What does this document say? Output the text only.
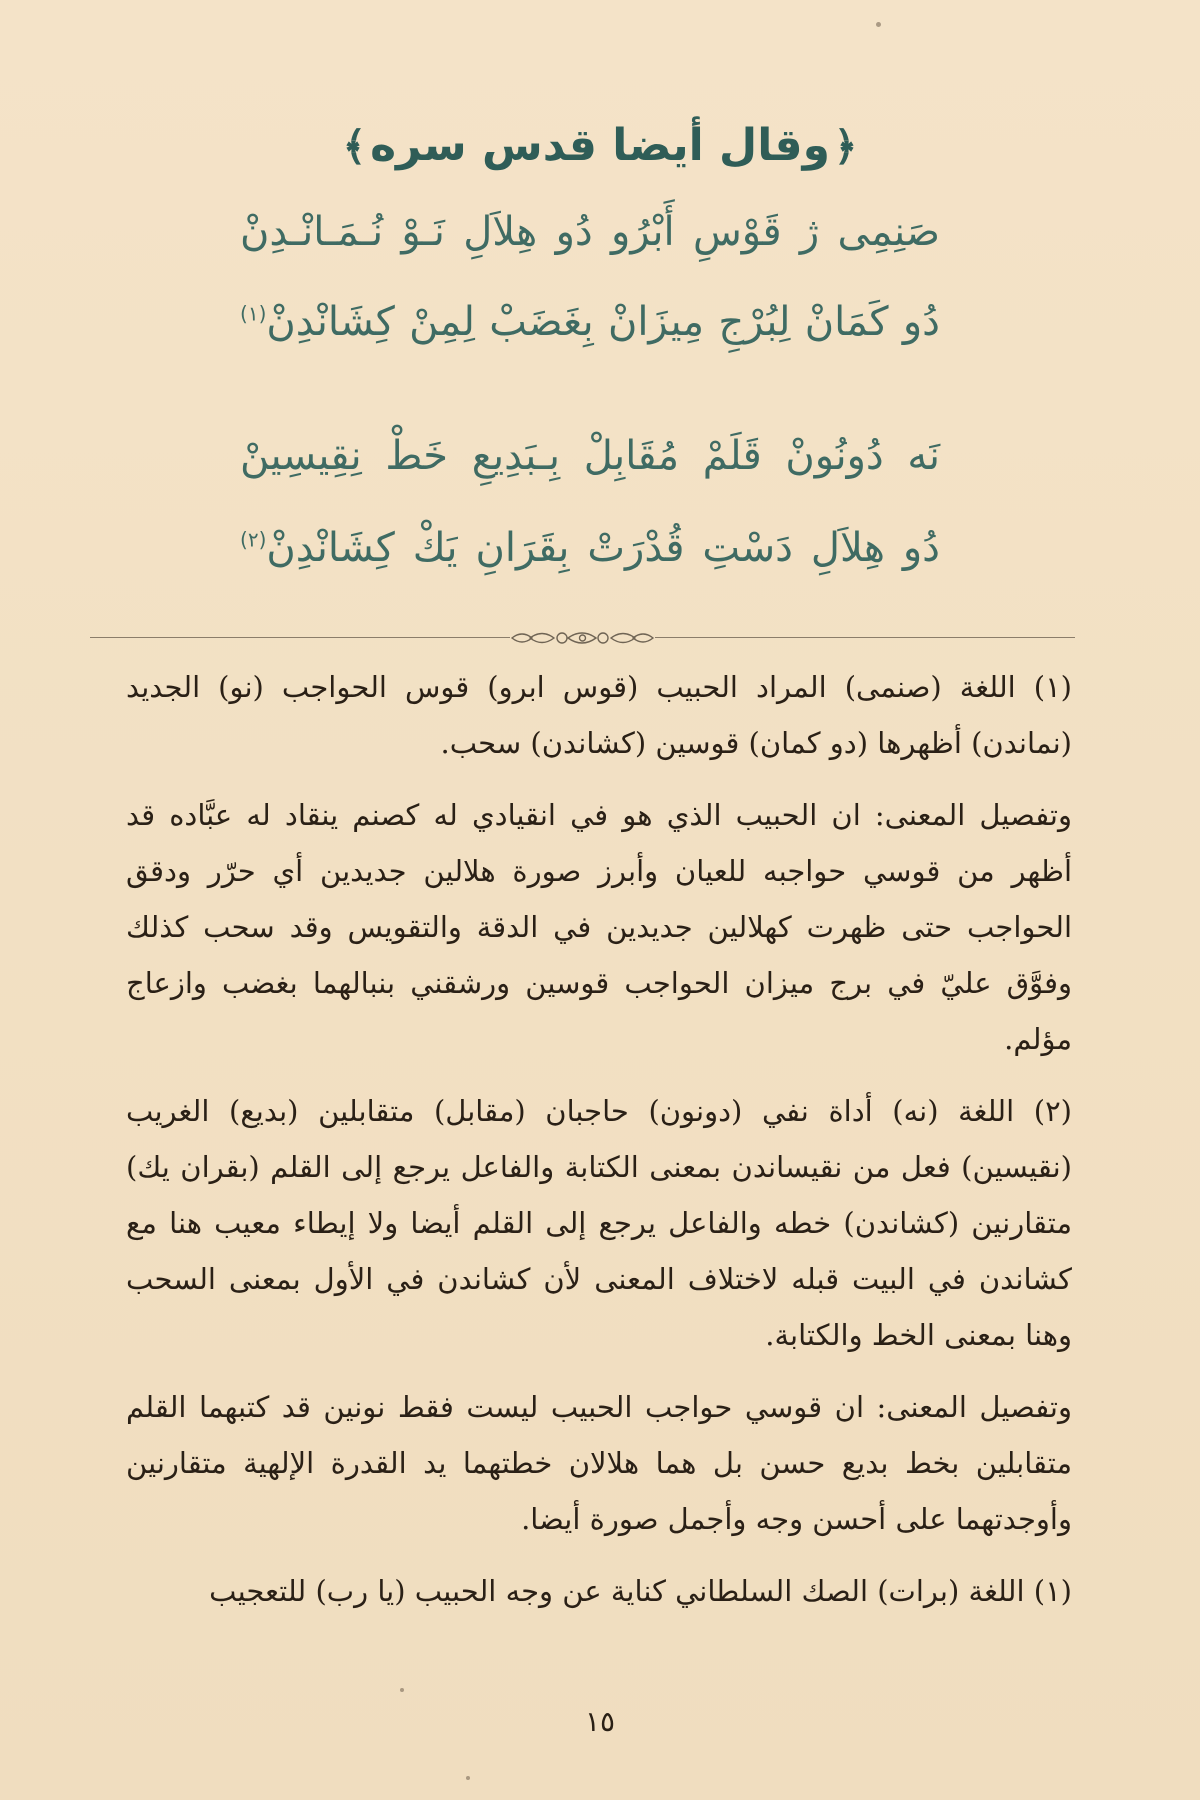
﴿وقال أيضا قدس سره﴾
صَنِمِى ژ قَوْسِ أَبْرُو دُو هِلاَلِ نَـوْ نُـمَـانْـدِنْ
دُو كَمَانْ لِبُرْجِ مِيزَانْ بِغَضَبْ لِمِنْ كِشَانْدِنْ$^{(١)}$
نَه دُونُونْ قَلَمْ مُقَابِلْ بِـبَدِيعِ خَطْ نِقِيسِينْ
دُو هِلاَلِ دَسْتِ قُدْرَتْ بِقَرَانِ يَكْ كِشَانْدِنْ$^{(٢)}$

(١) اللغة (صنمى) المراد الحبيب (قوس ابرو) قوس الحواجب (نو) الجديد (نماندن) أظهرها (دو كمان) قوسين (كشاندن) سحب.

وتفصيل المعنى: ان الحبيب الذي هو في انقيادي له كصنم ينقاد له عبَّاده قد أظهر من قوسي حواجبه للعيان وأبرز صورة هلالين جديدين أي حرّر ودقق الحواجب حتى ظهرت كهلالين جديدين في الدقة والتقويس وقد سحب كذلك وفوَّق عليّ في برج ميزان الحواجب قوسين ورشقني بنبالهما بغضب وازعاج مؤلم.

(٢) اللغة (نه) أداة نفي (دونون) حاجبان (مقابل) متقابلين (بديع) الغريب (نقيسين) فعل من نقيساندن بمعنى الكتابة والفاعل يرجع إلى القلم (بقران يك) متقارنين (كشاندن) خطه والفاعل يرجع إلى القلم أيضا ولا إيطاء معيب هنا مع كشاندن في البيت قبله لاختلاف المعنى لأن كشاندن في الأول بمعنى السحب وهنا بمعنى الخط والكتابة.

وتفصيل المعنى: ان قوسي حواجب الحبيب ليست فقط نونين قد كتبهما القلم متقابلين بخط بديع حسن بل هما هلالان خطتهما يد القدرة الإلهية متقارنين وأوجدتهما على أحسن وجه وأجمل صورة أيضا.

(١) اللغة (برات) الصك السلطاني كناية عن وجه الحبيب (يا رب) للتعجيب

١٥
